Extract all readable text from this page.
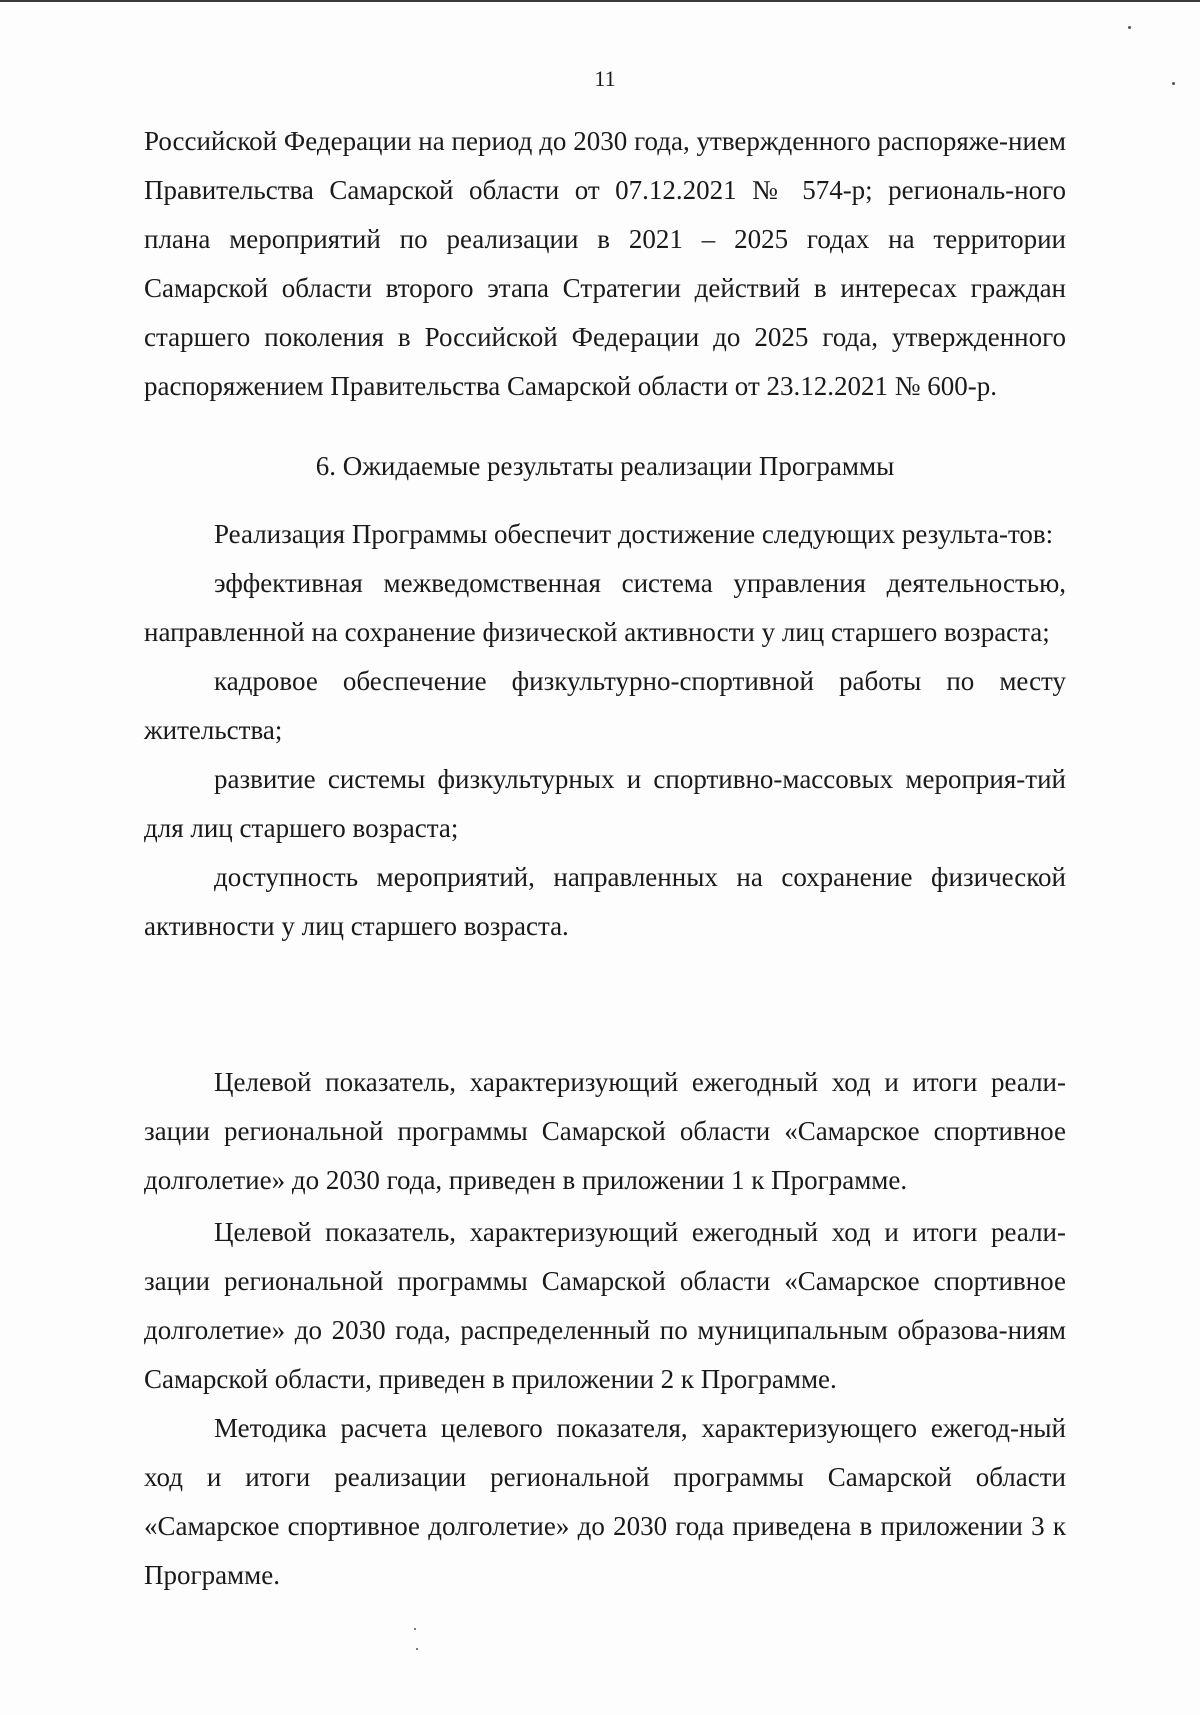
11

Российской Федерации на период до 2030 года, утвержденного распоряже-нием Правительства Самарской области от 07.12.2021 № 574-р; региональ-ного плана мероприятий по реализации в 2021 – 2025 годах на территории Самарской области второго этапа Стратегии действий в интересах граждан старшего поколения в Российской Федерации до 2025 года, утвержденного распоряжением Правительства Самарской области от 23.12.2021 № 600-р.

6. Ожидаемые результаты реализации Программы

Реализация Программы обеспечит достижение следующих результа-тов:

эффективная межведомственная система управления деятельностью, направленной на сохранение физической активности у лиц старшего возраста;

кадровое обеспечение физкультурно-спортивной работы по месту жительства;

развитие системы физкультурных и спортивно-массовых мероприя-тий для лиц старшего возраста;

доступность мероприятий, направленных на сохранение физической активности у лиц старшего возраста.

Целевой показатель, характеризующий ежегодный ход и итоги реали-зации региональной программы Самарской области «Самарское спортивное долголетие» до 2030 года, приведен в приложении 1 к Программе.

Целевой показатель, характеризующий ежегодный ход и итоги реали-зации региональной программы Самарской области «Самарское спортивное долголетие» до 2030 года, распределенный по муниципальным образова-ниям Самарской области, приведен в приложении 2 к Программе.

Методика расчета целевого показателя, характеризующего ежегод-ный ход и итоги реализации региональной программы Самарской области «Самарское спортивное долголетие» до 2030 года приведена в приложении 3 к Программе.
